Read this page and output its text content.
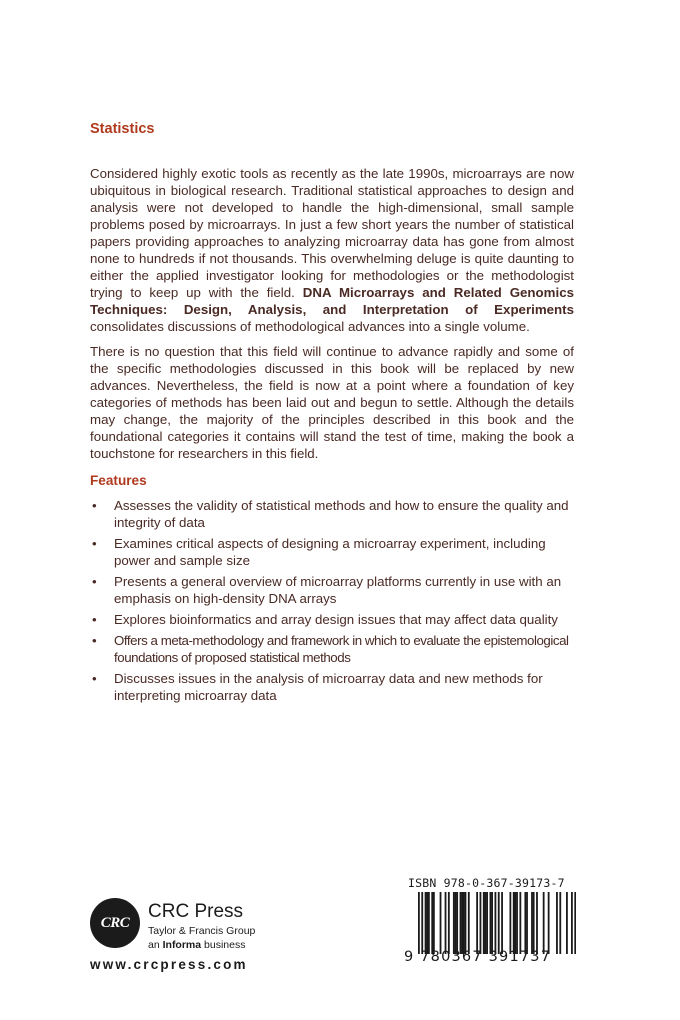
Statistics

Considered highly exotic tools as recently as the late 1990s, microarrays are now ubiquitous in biological research. Traditional statistical approaches to design and analysis were not developed to handle the high-dimensional, small sample problems posed by microarrays. In just a few short years the number of statistical papers providing approaches to analyzing microarray data has gone from almost none to hundreds if not thousands. This overwhelming deluge is quite daunting to either the applied investigator looking for methodologies or the methodologist trying to keep up with the field. DNA Microarrays and Related Genomics Techniques: Design, Analysis, and Interpretation of Experiments consolidates discussions of methodological advances into a single volume.

There is no question that this field will continue to advance rapidly and some of the specific methodologies discussed in this book will be replaced by new advances. Nevertheless, the field is now at a point where a foundation of key categories of methods has been laid out and begun to settle. Although the details may change, the majority of the principles described in this book and the foundational categories it contains will stand the test of time, making the book a touchstone for researchers in this field.

Features
• Assesses the validity of statistical methods and how to ensure the quality and integrity of data
• Examines critical aspects of designing a microarray experiment, including power and sample size
• Presents a general overview of microarray platforms currently in use with an emphasis on high-density DNA arrays
• Explores bioinformatics and array design issues that may affect data quality
• Offers a meta-methodology and framework in which to evaluate the epistemological foundations of proposed statistical methods
• Discusses issues in the analysis of microarray data and new methods for interpreting microarray data
CRC
CRC Press
Taylor & Francis Group
an Informa business
www.crcpress.com
ISBN 978-0-367-39173-7
9 780367 391737
